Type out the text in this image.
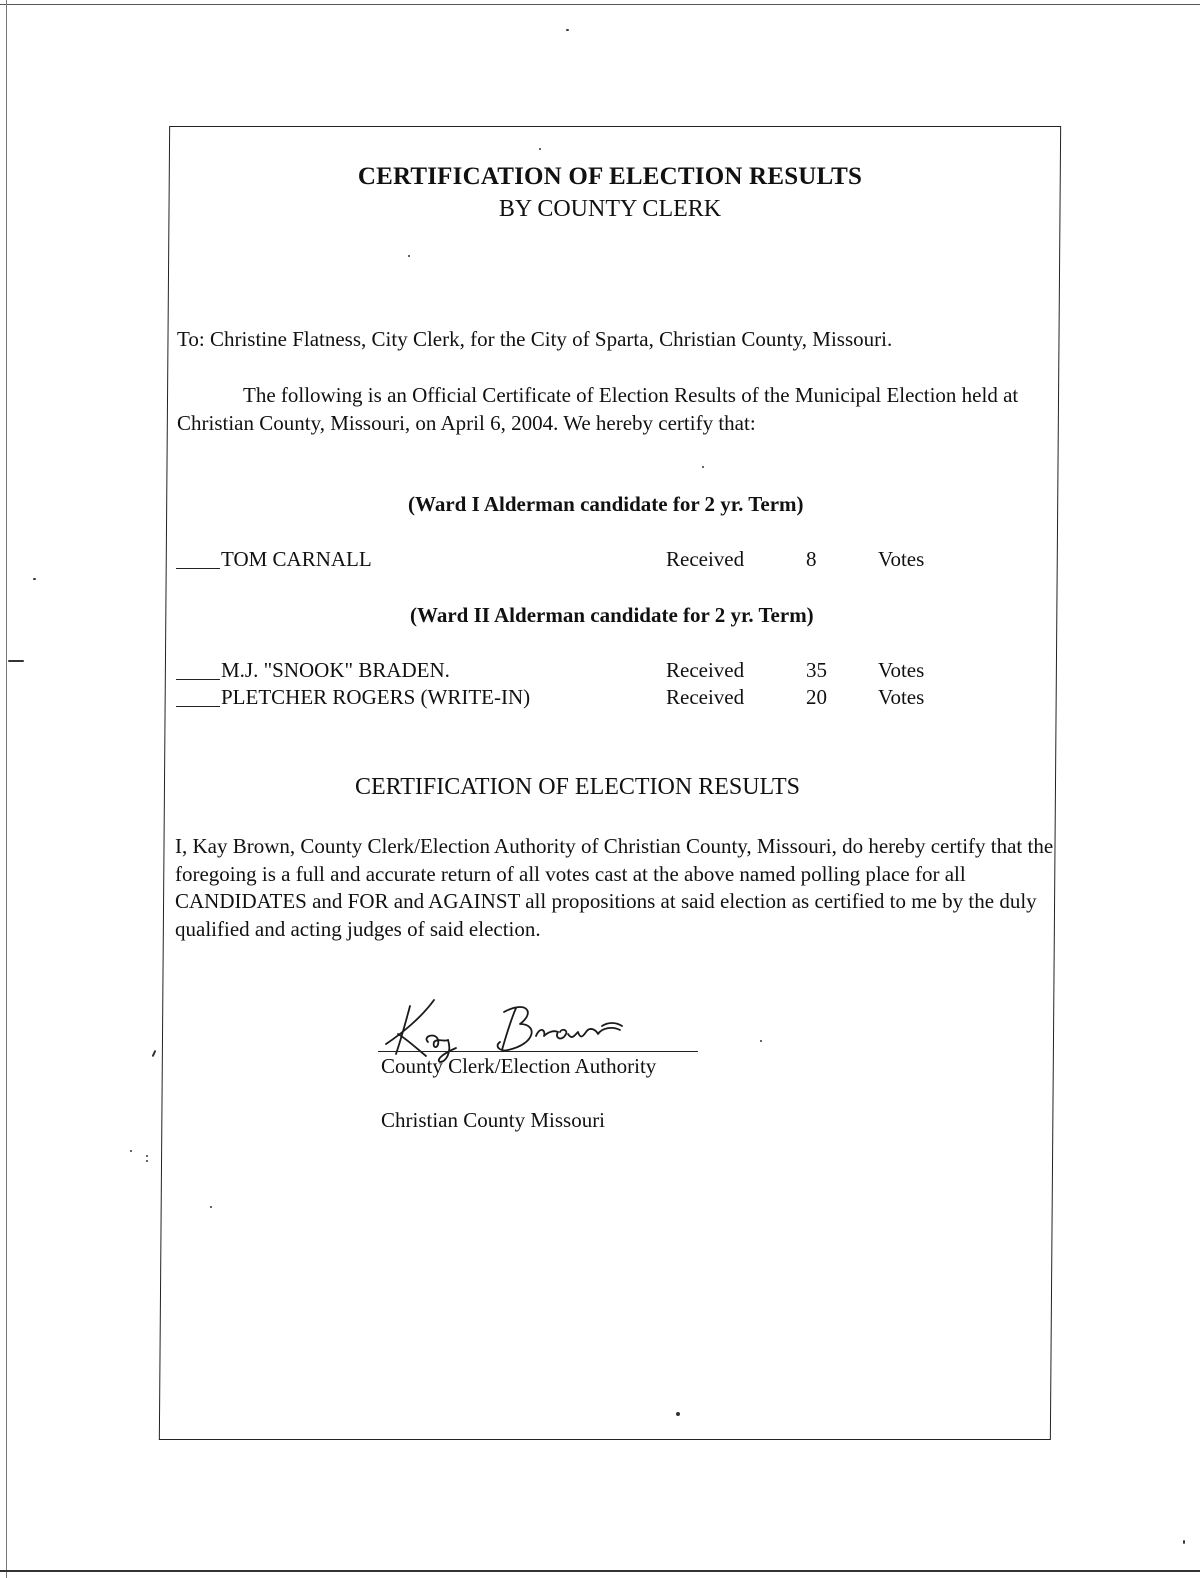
CERTIFICATION OF ELECTION RESULTS
BY COUNTY CLERK
To: Christine Flatness, City Clerk, for the City of Sparta, Christian County, Missouri.
The following is an Official Certificate of Election Results of the Municipal Election held at Christian County, Missouri, on April 6, 2004. We hereby certify that:
(Ward I Alderman candidate for 2 yr. Term)
TOM CARNALL	Received	8	Votes
(Ward II Alderman candidate for 2 yr. Term)
M.J. "SNOOK" BRADEN.	Received	35 Votes
PLETCHER ROGERS (WRITE-IN)	Received	20 Votes
CERTIFICATION OF ELECTION RESULTS
I, Kay Brown, County Clerk/Election Authority of Christian County, Missouri, do hereby certify that the foregoing is a full and accurate return of all votes cast at the above named polling place for all CANDIDATES and FOR and AGAINST all propositions at said election as certified to me by the duly qualified and acting judges of said election.
County Clerk/Election Authority
Christian County Missouri
